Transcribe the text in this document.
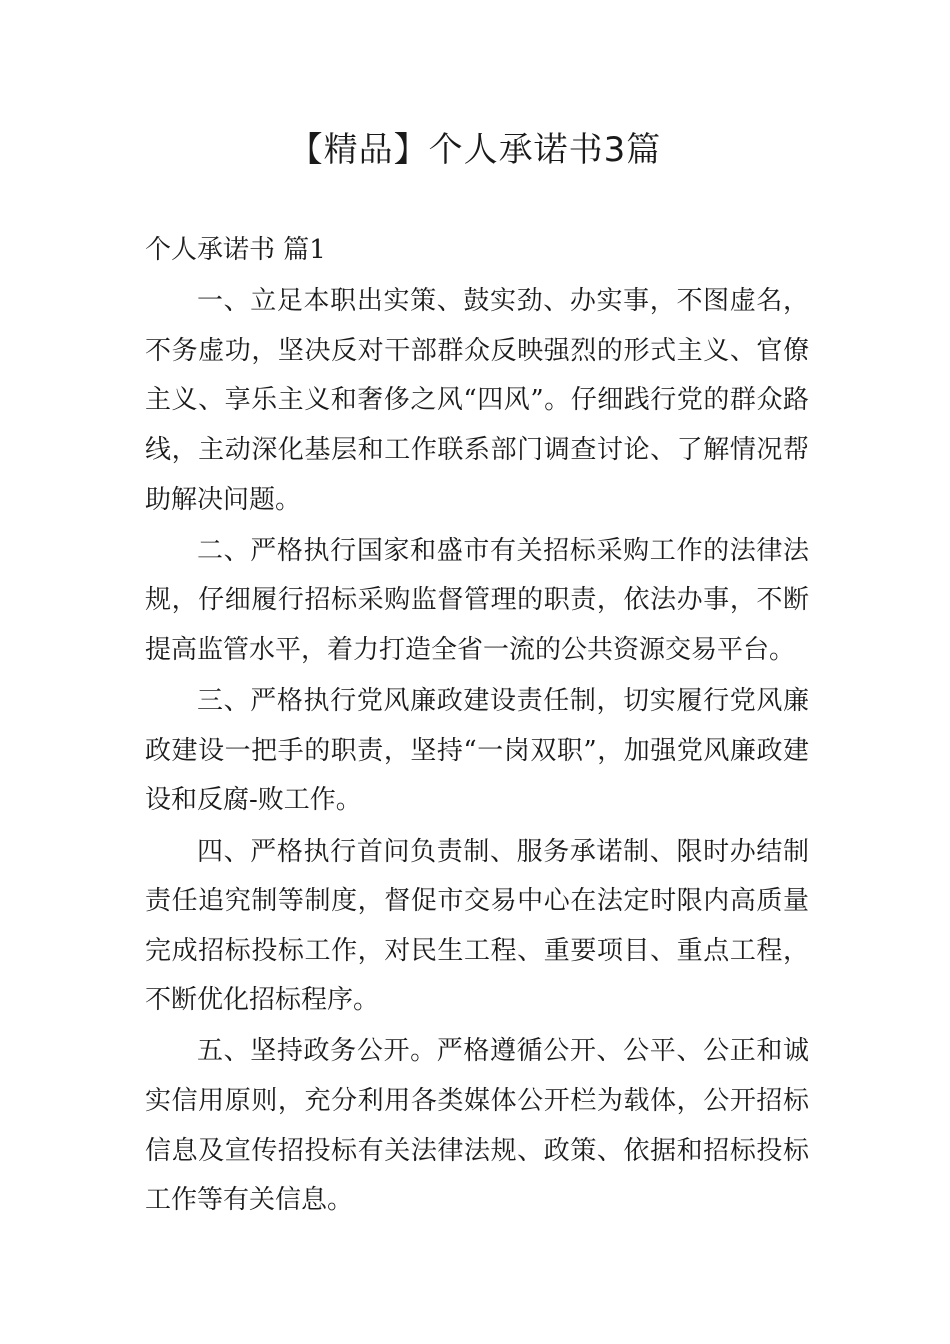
【精品】个人承诺书3篇

个人承诺书 篇1

一、立足本职出实策、鼓实劲、办实事，不图虚名，不务虚功，坚决反对干部群众反映强烈的形式主义、官僚主义、享乐主义和奢侈之风“四风”。仔细践行党的群众路线，主动深化基层和工作联系部门调查讨论、了解情况帮助解决问题。

二、严格执行国家和盛市有关招标采购工作的法律法规，仔细履行招标采购监督管理的职责，依法办事，不断提高监管水平，着力打造全省一流的公共资源交易平台。

三、严格执行党风廉政建设责任制，切实履行党风廉政建设一把手的职责，坚持“一岗双职”，加强党风廉政建设和反腐-败工作。

四、严格执行首问负责制、服务承诺制、限时办结制责任追究制等制度，督促市交易中心在法定时限内高质量完成招标投标工作，对民生工程、重要项目、重点工程，不断优化招标程序。

五、坚持政务公开。严格遵循公开、公平、公正和诚实信用原则，充分利用各类媒体公开栏为载体，公开招标信息及宣传招投标有关法律法规、政策、依据和招标投标工作等有关信息。
